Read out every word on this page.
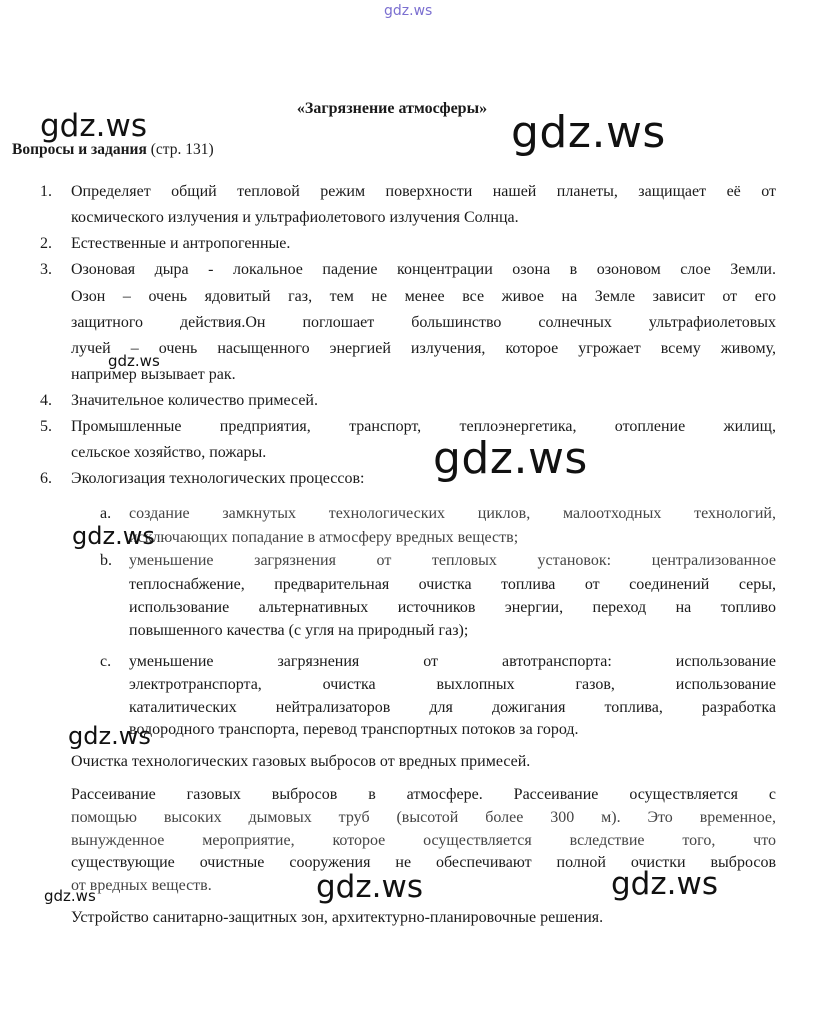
gdz.ws
«Загрязнение атмосферы»
Вопросы и задания (стр. 131)
1. Определяет общий тепловой режим поверхности нашей планеты, защищает её от
космического излучения и ультрафиолетового излучения Солнца.
2. Естественные и антропогенные.
3. Озоновая дыра - локальное падение концентрации озона в озоновом слое Земли.
Озон – очень ядовитый газ, тем не менее все живое на Земле зависит от его
защитного действия.Он поглошает большинство солнечных ультрафиолетовых
лучей – очень насыщенного энергией излучения, которое угрожает всему живому,
например вызывает рак.
4. Значительное количество примесей.
5. Промышленные предприятия, транспорт, теплоэнергетика, отопление жилищ,
сельское хозяйство, пожары.
6. Экологизация технологических процессов:
a. создание замкнутых технологических циклов, малоотходных технологий,
исключающих попадание в атмосферу вредных веществ;
b. уменьшение загрязнения от тепловых установок: централизованное
теплоснабжение, предварительная очистка топлива от соединений серы,
использование альтернативных источников энергии, переход на топливо
повышенного качества (с угля на природный газ);
c. уменьшение загрязнения от автотранспорта: использование
электротранспорта, очистка выхлопных газов, использование
каталитических нейтрализаторов для дожигания топлива, разработка
водородного транспорта, перевод транспортных потоков за город.
Очистка технологических газовых выбросов от вредных примесей.
Рассеивание газовых выбросов в атмосфере. Рассеивание осуществляется с
помощью высоких дымовых труб (высотой более 300 м). Это временное,
вынужденное мероприятие, которое осуществляется вследствие того, что
существующие очистные сооружения не обеспечивают полной очистки выбросов
от вредных веществ.
Устройство санитарно-защитных зон, архитектурно-планировочные решения.
gdz.ws	gdz.ws
gdz.ws
gdz.ws
gdz.ws
gdz.ws
gdz.ws	gdz.ws
gdz.ws
